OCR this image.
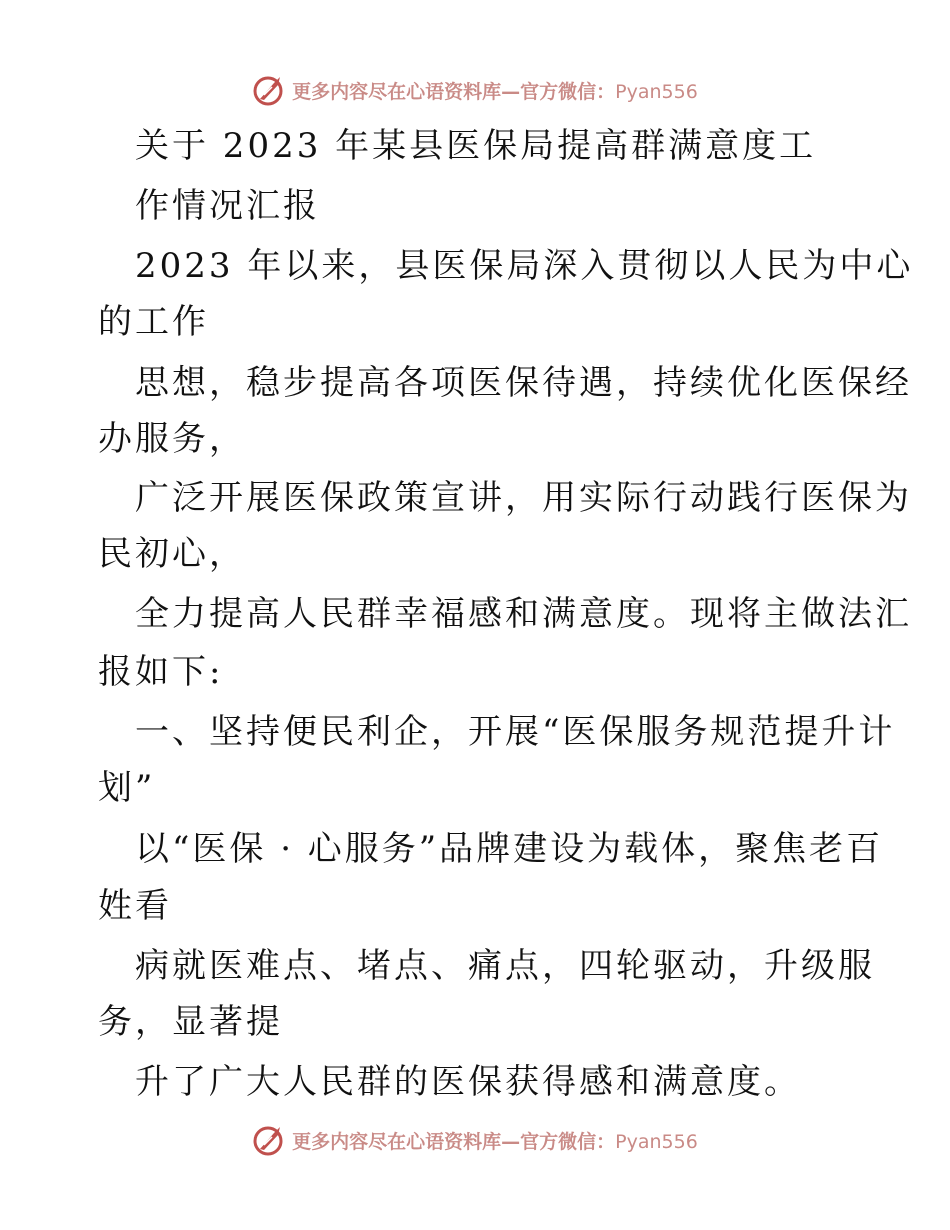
更多内容尽在心语资料库—官方微信：Pyan556
关于 2023 年某县医保局提高群满意度工
作情况汇报
2023 年以来，县医保局深入贯彻以人民为中心
的工作
思想，稳步提高各项医保待遇，持续优化医保经
办服务，
广泛开展医保政策宣讲，用实际行动践行医保为
民初心，
全力提高人民群幸福感和满意度。现将主做法汇
报如下:
一、坚持便民利企，开展“医保服务规范提升计
划”
以“医保 · 心服务”品牌建设为载体，聚焦老百
姓看
病就医难点、堵点、痛点，四轮驱动，升级服
务，显著提
升了广大人民群的医保获得感和满意度。
更多内容尽在心语资料库—官方微信：Pyan556
